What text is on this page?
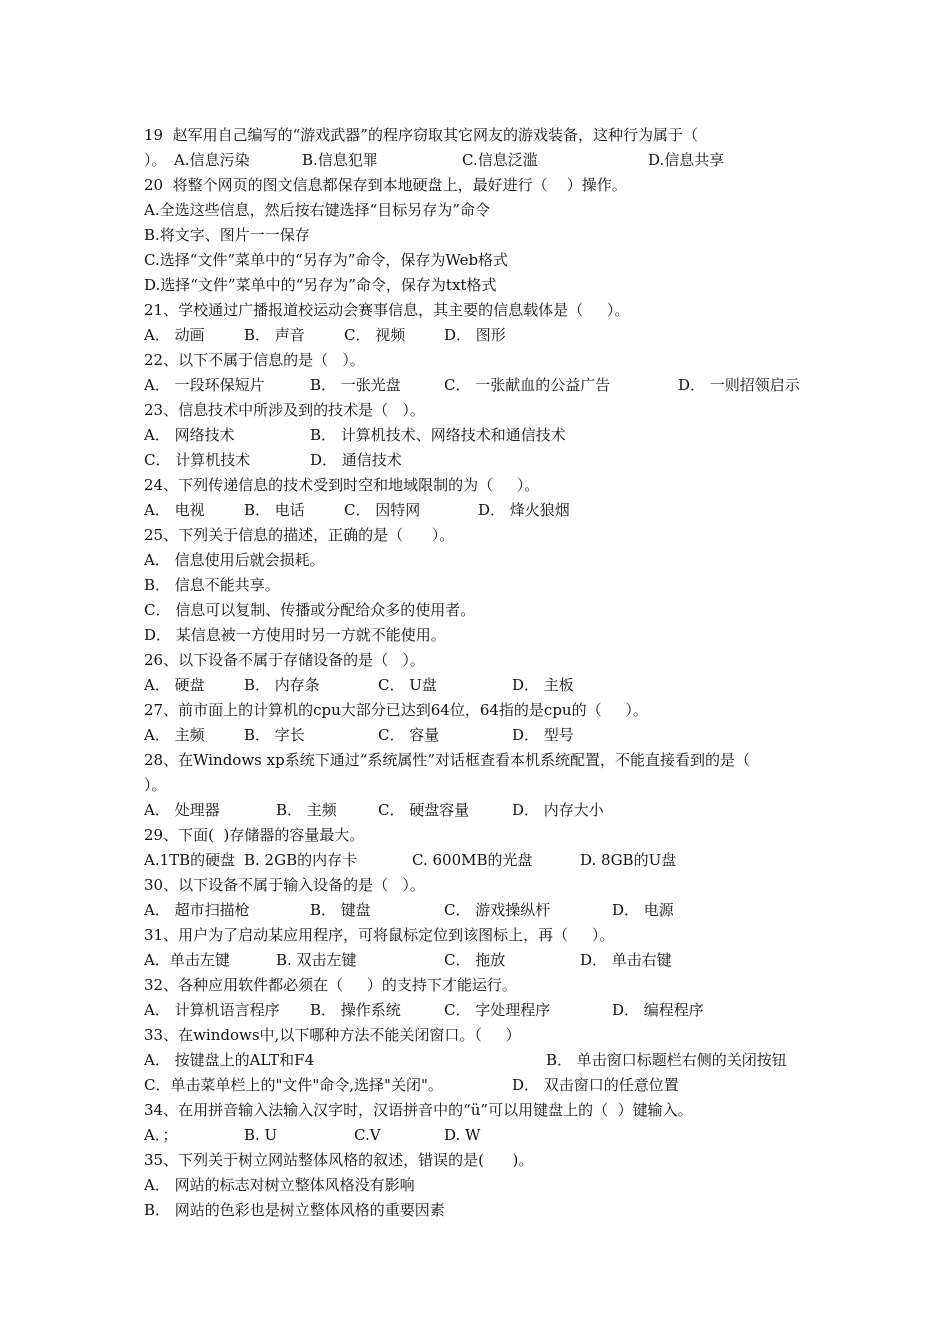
19  赵军用自己编写的“游戏武器”的程序窃取其它网友的游戏装备，这种行为属于（
）。 A.信息污染	B.信息犯罪	C.信息泛滥	D.信息共享
20  将整个网页的图文信息都保存到本地硬盘上，最好进行（    ）操作。
A.全选这些信息，然后按右键选择“目标另存为”命令
B.将文字、图片一一保存
C.选择“文件”菜单中的“另存为”命令，保存为Web格式
D.选择“文件”菜单中的“另存为”命令，保存为txt格式
21、学校通过广播报道校运动会赛事信息，其主要的信息载体是（     ）。
A． 动画	B． 声音	C． 视频	D． 图形
22、以下不属于信息的是（   ）。
A． 一段环保短片	B． 一张光盘	C． 一张献血的公益广告	D． 一则招领启示
23、信息技术中所涉及到的技术是（   ）。
A． 网络技术	B． 计算机技术、网络技术和通信技术
C． 计算机技术	D． 通信技术
24、下列传递信息的技术受到时空和地域限制的为（     ）。
A． 电视	B． 电话	C． 因特网	D． 烽火狼烟
25、下列关于信息的描述，正确的是（      ）。
A． 信息使用后就会损耗。
B． 信息不能共享。
C． 信息可以复制、传播或分配给众多的使用者。
D． 某信息被一方使用时另一方就不能使用。
26、以下设备不属于存储设备的是（   ）。
A． 硬盘	B． 内存条	C． U盘	D． 主板
27、前市面上的计算机的cpu大部分已达到64位，64指的是cpu的（     ）。
A． 主频	B． 字长	C． 容量	D． 型号
28、在Windows xp系统下通过“系统属性”对话框查看本机系统配置，不能直接看到的是（
）。
A． 处理器	B． 主频	C． 硬盘容量	D． 内存大小
29、下面(  )存储器的容量最大。
A.1TB的硬盘 B. 2GB的内存卡	C. 600MB的光盘	D. 8GB的U盘
30、以下设备不属于输入设备的是（   ）。
A． 超市扫描枪	B． 键盘	C． 游戏操纵杆	D． 电源
31、用户为了启动某应用程序，可将鼠标定位到该图标上，再（     ）。
A．单击左键	B. 双击左键	C． 拖放	D． 单击右键
32、各种应用软件都必须在（     ）的支持下才能运行。
A． 计算机语言程序 B． 操作系统	C． 字处理程序	D． 编程程序
33、在windows中,以下哪种方法不能关闭窗口。（     ）
A． 按键盘上的ALT和F4	B． 单击窗口标题栏右侧的关闭按钮
C．单击菜单栏上的"文件"命令,选择"关闭"。	D． 双击窗口的任意位置
34、在用拼音输入法输入汉字时，汉语拼音中的“ü”可以用键盘上的（  ）键输入。
A．；	B. U	C.V	D. W
35、下列关于树立网站整体风格的叙述，错误的是(      )。
A． 网站的标志对树立整体风格没有影响
B． 网站的色彩也是树立整体风格的重要因素
